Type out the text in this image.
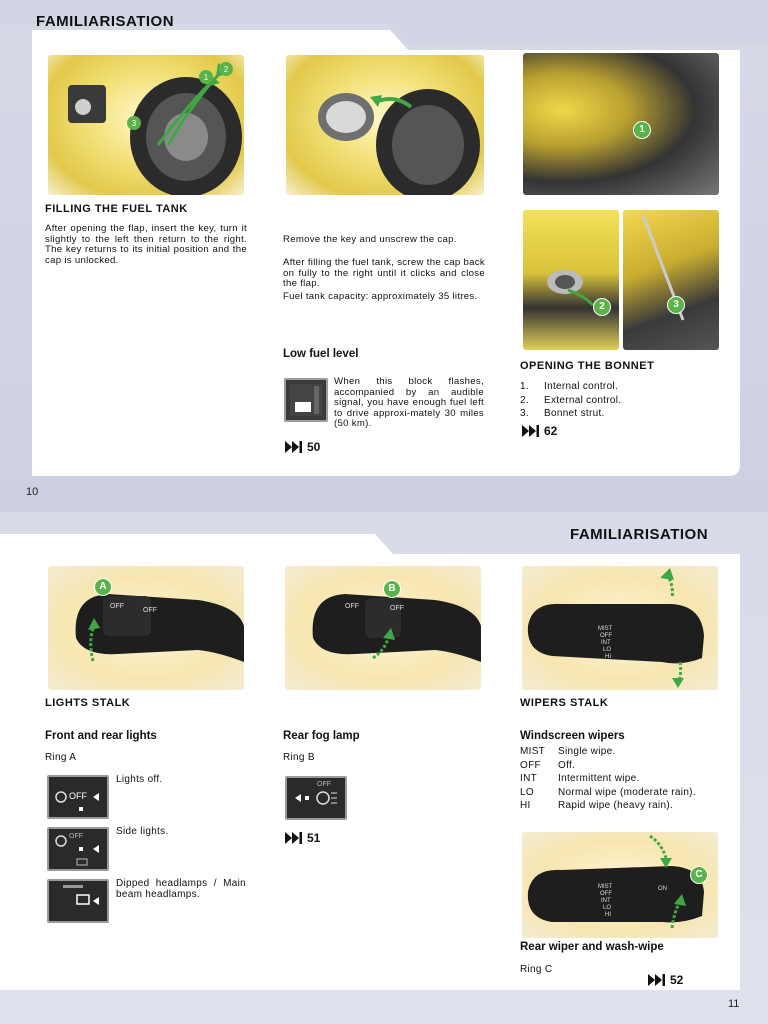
FAMILIARISATION
2
1
3
1
2	3
FILLING THE FUEL TANK
After opening the flap, insert the key, turn it slightly to the left then return to the right. The key returns to its initial position and the cap is unlocked.
Remove the key and unscrew the cap.
After filling the fuel tank, screw the cap back on fully to the right until it clicks and close the flap.
Fuel tank capacity: approximately 35 litres.
Low fuel level
When this block flashes, accompanied by an audible signal, you have enough fuel left to drive approxi-mately 30 miles (50 km).
50
OPENING THE BONNET
1.	Internal control.
2.	External control.
3.	Bonnet strut.
62
10
FAMILIARISATION
OFF
OFF
A
OFF	OFF
B
MIST
OFF
INT
LO
HI
LIGHTS STALK
Front and rear lights
Ring A
OFF
Lights off.
OFF	Side lights.
Dipped headlamps / Main beam headlamps.
Rear fog lamp
Ring B
OFF
51
WIPERS STALK
Windscreen wipers
MIST	Single wipe.
OFF	Off.
INT	Intermittent wipe.
LO	Normal wipe (moderate rain).
HI	Rapid wipe (heavy rain).
MIST
OFF
INT
LO
HI
ON
C
Rear wiper and wash-wipe
Ring C
52
11
